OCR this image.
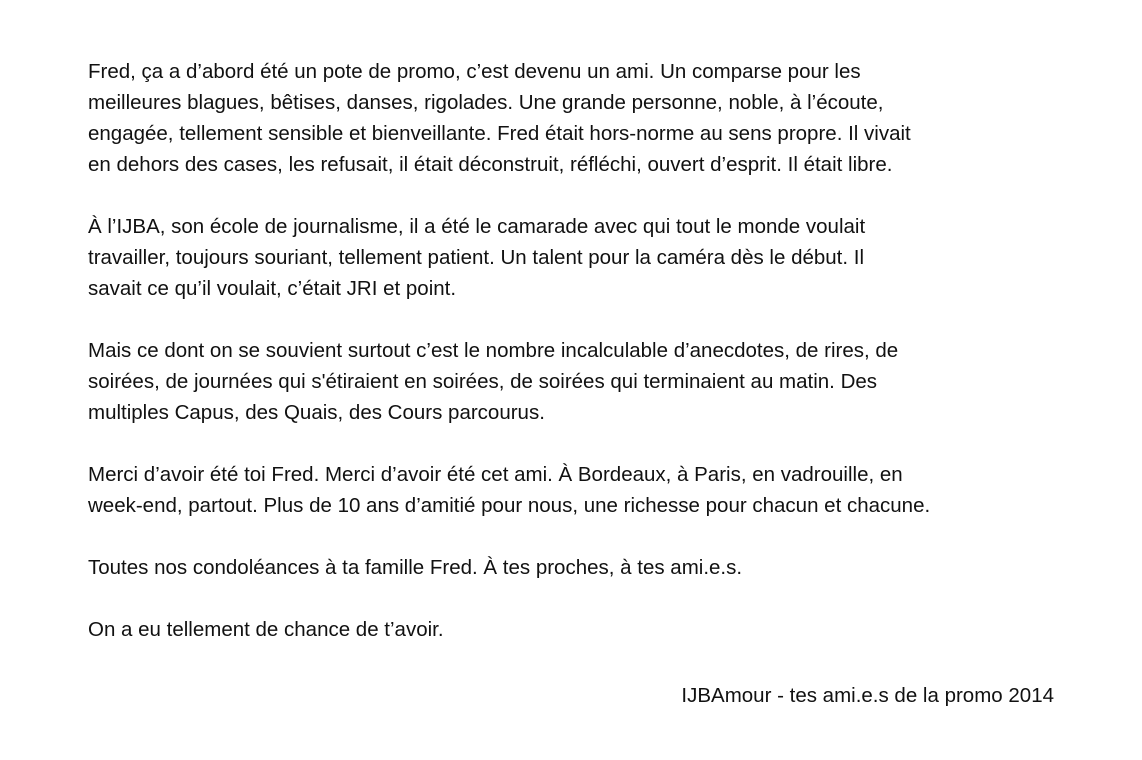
Fred, ça a d’abord été un pote de promo, c’est devenu un ami. Un comparse pour les
meilleures blagues, bêtises, danses, rigolades. Une grande personne, noble, à l’écoute,
engagée, tellement sensible et bienveillante. Fred était hors-norme au sens propre. Il vivait
en dehors des cases, les refusait, il était déconstruit, réfléchi, ouvert d’esprit. Il était libre.
À l’IJBA, son école de journalisme, il a été le camarade avec qui tout le monde voulait
travailler, toujours souriant, tellement patient. Un talent pour la caméra dès le début. Il
savait ce qu’il voulait, c’était JRI et point.
Mais ce dont on se souvient surtout c’est le nombre incalculable d’anecdotes, de rires, de
soirées, de journées qui s'étiraient en soirées, de soirées qui terminaient au matin. Des
multiples Capus, des Quais, des Cours parcourus.
Merci d’avoir été toi Fred. Merci d’avoir été cet ami. À Bordeaux, à Paris, en vadrouille, en
week-end, partout. Plus de 10 ans d’amitié pour nous, une richesse pour chacun et chacune.
Toutes nos condoléances à ta famille Fred. À tes proches, à tes ami.e.s.
On a eu tellement de chance de t’avoir.

IJBAmour - tes ami.e.s de la promo 2014
